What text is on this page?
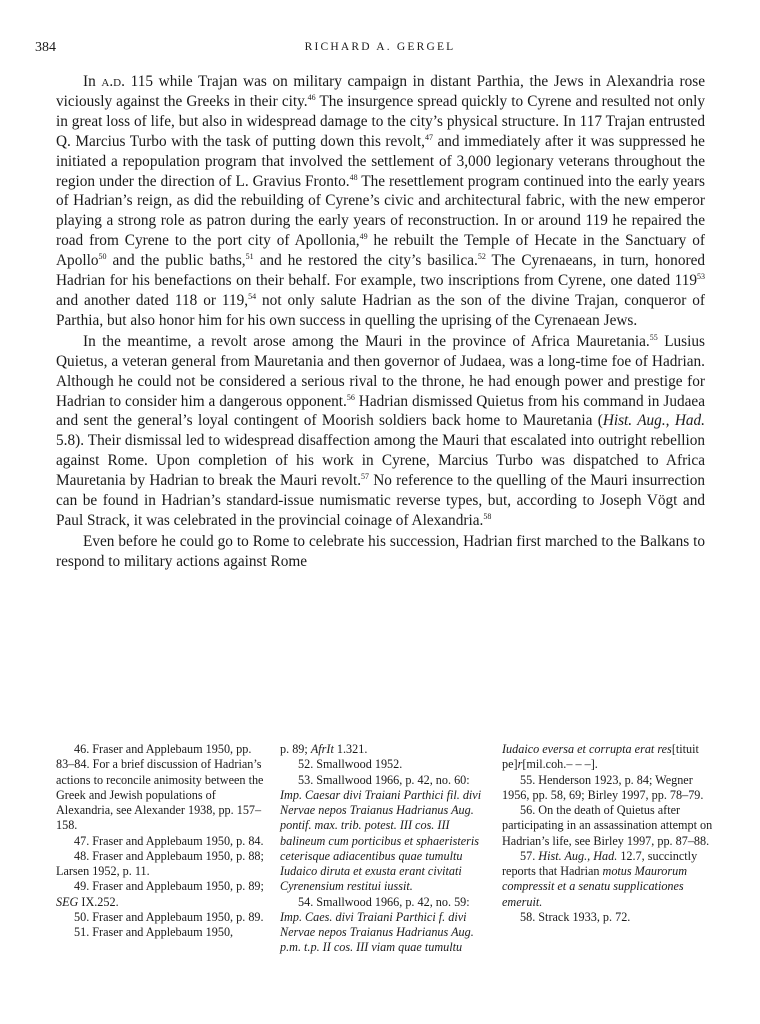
384	RICHARD A. GERGEL

In a.d. 115 while Trajan was on military campaign in distant Parthia, the Jews in Alexandria rose viciously against the Greeks in their city.$^{46}$ The insurgence spread quickly to Cyrene and resulted not only in great loss of life, but also in widespread damage to the city’s physical structure. In 117 Trajan entrusted Q. Marcius Turbo with the task of putting down this revolt,$^{47}$ and immediately after it was suppressed he initiated a repopulation program that involved the settlement of 3,000 legionary veterans throughout the region under the direction of L. Gravius Fronto.$^{48}$ The resettlement program continued into the early years of Hadrian’s reign, as did the rebuilding of Cyrene’s civic and architectural fabric, with the new emperor playing a strong role as patron during the early years of reconstruction. In or around 119 he repaired the road from Cyrene to the port city of Apollonia,$^{49}$ he rebuilt the Temple of Hecate in the Sanctuary of Apollo$^{50}$ and the public baths,$^{51}$ and he restored the city’s basilica.$^{52}$ The Cyrenaeans, in turn, honored Hadrian for his benefactions on their behalf. For example, two inscriptions from Cyrene, one dated $119^{53}$ and another dated 118 or 119,54 not only salute Hadrian as the son of the divine Trajan, conqueror of Parthia, but also honor him for his own success in quelling the uprising of the Cyrenaean Jews.

In the meantime, a revolt arose among the Mauri in the province of Africa Mauretania.$^{55}$ Lusius Quietus, a veteran general from Mauretania and then governor of Judaea, was a long-time foe of Hadrian. Although he could not be considered a serious rival to the throne, he had enough power and prestige for Hadrian to consider him a dangerous opponent.$^{56}$ Hadrian dismissed Quietus from his command in Judaea and sent the general’s loyal contingent of Moorish soldiers back home to Mauretania (Hist. Aug., Had. 5.8). Their dismissal led to widespread disaffection among the Mauri that escalated into outright rebellion against Rome. Upon completion of his work in Cyrene, Marcius Turbo was dispatched to Africa Mauretania by Hadrian to break the Mauri revolt.$^{57}$ No reference to the quelling of the Mauri insurrection can be found in Hadrian’s standard-issue numismatic reverse types, but, according to Joseph Vögt and Paul Strack, it was celebrated in the provincial coinage of Alexandria.$^{58}$

Even before he could go to Rome to celebrate his succession, Hadrian first marched to the Balkans to respond to military actions against Rome

46. Fraser and Applebaum 1950, pp. 83–84. For a brief discussion of Hadrian’s actions to reconcile animosity between the Greek and Jewish populations of Alexandria, see Alexander 1938, pp. 157–158.

47. Fraser and Applebaum 1950, p. 84.

48. Fraser and Applebaum 1950, p. 88; Larsen 1952, p. 11.

49. Fraser and Applebaum 1950, p. 89; SEG IX.252.

50. Fraser and Applebaum 1950, p. 89.

51. Fraser and Applebaum 1950,

p. 89; AfrIt 1.321.

52. Smallwood 1952.

53. Smallwood 1966, p. 42, no. 60: Imp. Caesar divi Traiani Parthici fil. divi Nervae nepos Traianus Hadrianus Aug. pontif. max. trib. potest. III cos. III balineum cum porticibus et sphaeristeris ceterisque adiacentibus quae tumultu Iudaico diruta et exusta erant civitati Cyrenensium restitui iussit.

54. Smallwood 1966, p. 42, no. 59: Imp. Caes. divi Traiani Parthici f. divi Nervae nepos Traianus Hadrianus Aug. p.m. t.p. II cos. III viam quae tumultu

Iudaico eversa et corrupta erat res[tituit pe]r[mil.coh.– – –].

55. Henderson 1923, p. 84; Wegner 1956, pp. 58, 69; Birley 1997, pp. 78–79.

56. On the death of Quietus after participating in an assassination attempt on Hadrian’s life, see Birley 1997, pp. 87–88.

57. Hist. Aug., Had. 12.7, succinctly reports that Hadrian motus Maurorum compressit et a senatu supplicationes emeruit.

58. Strack 1933, p. 72.
